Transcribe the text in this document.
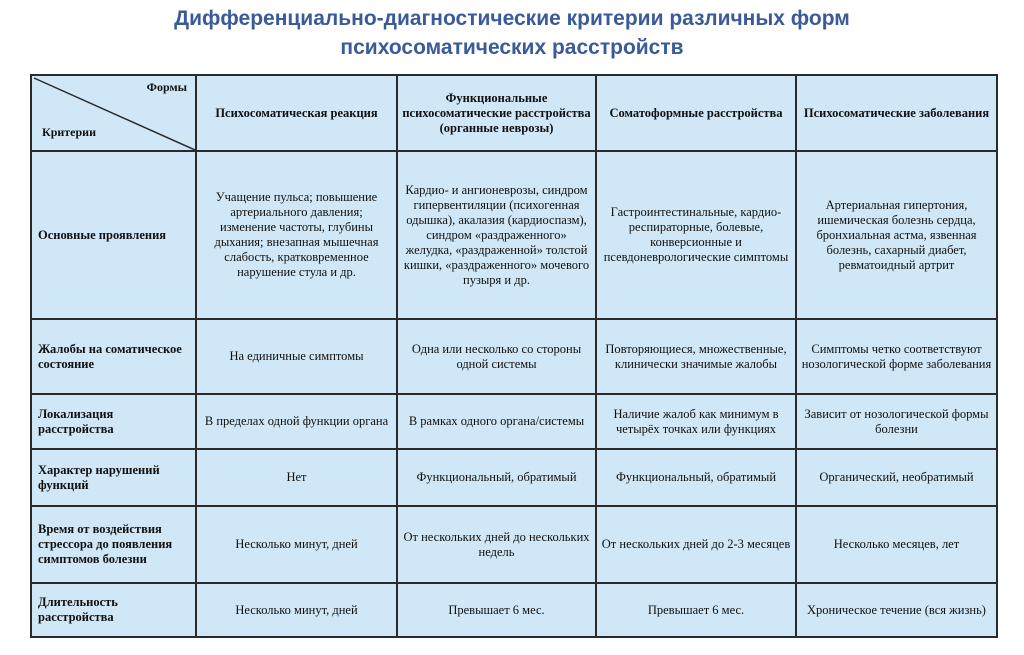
Дифференциально-диагностические критерии различных форм
психосоматических расстройств
Формы
Критерии	Психосоматическая реакция	Функциональные психосоматические расстройства (органные неврозы)	Соматоформные расстройства	Психосоматические заболевания
Основные проявления	Учащение пульса; повышение артериального давления; изменение частоты, глубины дыхания; внезапная мышечная слабость, кратковременное нарушение стула и др.	Кардио- и ангионеврозы, синдром гипервентиляции (психогенная одышка), акалазия (кардиоспазм), синдром «раздраженного» желудка, «раздраженной» толстой кишки, «раздраженного» мочевого пузыря и др.	Гастроинтестинальные, кардио-респираторные, болевые, конверсионные и псевдоневрологические симптомы	Артериальная гипертония, ишемическая болезнь сердца, бронхиальная астма, язвенная болезнь, сахарный диабет, ревматоидный артрит
Жалобы на соматическое состояние	На единичные симптомы	Одна или несколько со стороны одной системы	Повторяющиеся, множественные, клинически значимые жалобы	Симптомы четко соответствуют нозологической форме заболевания
Локализация расстройства	В пределах одной функции органа	В рамках одного органа/системы	Наличие жалоб как минимум в четырёх точках или функциях	Зависит от нозологической формы болезни
Характер нарушений функций	Нет	Функциональный, обратимый	Функциональный, обратимый	Органический, необратимый
Время от воздействия стрессора до появления симптомов болезни	Несколько минут, дней	От нескольких дней до нескольких недель	От нескольких дней до 2-3 месяцев	Несколько месяцев, лет
Длительность расстройства	Несколько минут, дней	Превышает 6 мес.	Превышает 6 мес.	Хроническое течение (вся жизнь)
